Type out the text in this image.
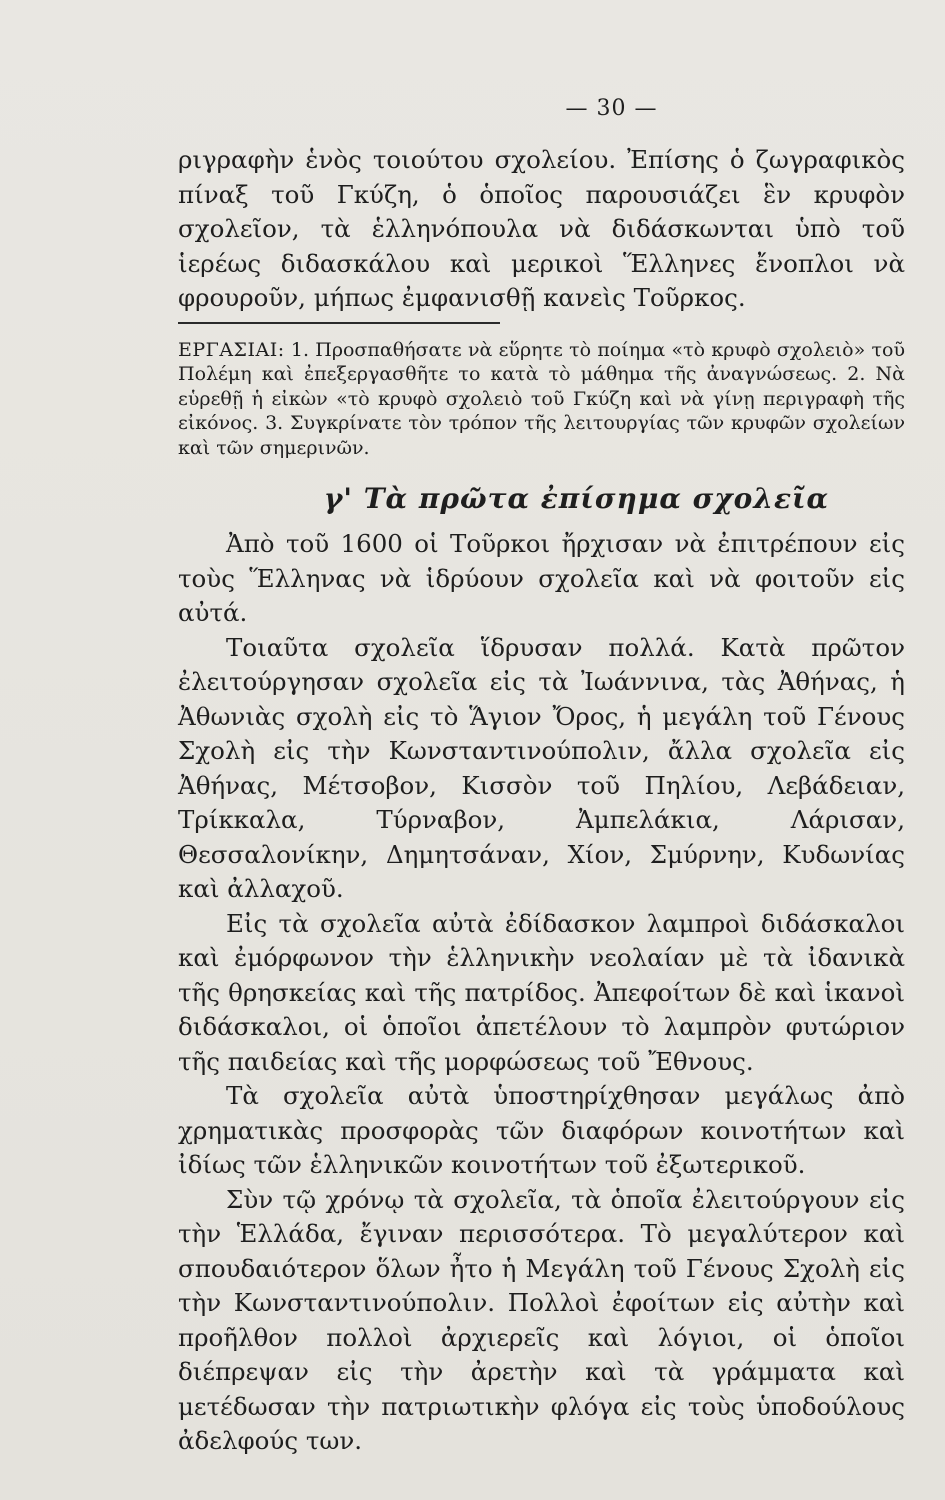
— 30 —

ριγραφὴν ἑνὸς τοιούτου σχολείου. Ἐπίσης ὁ ζωγραφικὸς πίναξ τοῦ Γκύζη, ὁ ὁποῖος παρουσιάζει ἓν κρυφὸν σχολεῖον, τὰ ἑλληνόπουλα νὰ διδάσκωνται ὑπὸ τοῦ ἱερέως διδασκάλου καὶ μερικοὶ Ἕλληνες ἔνοπλοι νὰ φρουροῦν, μήπως ἐμφανισθῇ κανεὶς Τοῦρκος.

ΕΡΓΑΣΙΑΙ: 1. Προσπαθήσατε νὰ εὕρητε τὸ ποίημα «τὸ κρυφὸ σχολειὸ» τοῦ Πολέμη καὶ ἐπεξεργασθῆτε το κατὰ τὸ μάθημα τῆς ἀναγνώσεως. 2. Νὰ εὑρεθῇ ἡ εἰκὼν «τὸ κρυφὸ σχολειὸ τοῦ Γκύζη καὶ νὰ γίνῃ περιγραφὴ τῆς εἰκόνος. 3. Συγκρίνατε τὸν τρόπον τῆς λειτουργίας τῶν κρυφῶν σχολείων καὶ τῶν σημερινῶν.

γ' Τὰ πρῶτα ἐπίσημα σχολεῖα

Ἀπὸ τοῦ 1600 οἱ Τοῦρκοι ἤρχισαν νὰ ἐπιτρέπουν εἰς τοὺς Ἕλληνας νὰ ἱδρύουν σχολεῖα καὶ νὰ φοιτοῦν εἰς αὐτά.

Τοιαῦτα σχολεῖα ἵδρυσαν πολλά. Κατὰ πρῶτον ἐλειτούργησαν σχολεῖα εἰς τὰ Ἰωάννινα, τὰς Ἀθήνας, ἡ Ἀθωνιὰς σχολὴ εἰς τὸ Ἅγιον Ὄρος, ἡ μεγάλη τοῦ Γένους Σχολὴ εἰς τὴν Κωνσταντινούπολιν, ἄλλα σχολεῖα εἰς Ἀθήνας, Μέτσοβον, Κισσὸν τοῦ Πηλίου, Λεβάδειαν, Τρίκκαλα, Τύρναβον, Ἀμπελάκια, Λάρισαν, Θεσσαλονίκην, Δημητσάναν, Χίον, Σμύρνην, Κυδωνίας καὶ ἀλλαχοῦ.

Εἰς τὰ σχολεῖα αὐτὰ ἐδίδασκον λαμπροὶ διδάσκαλοι καὶ ἐμόρφωνον τὴν ἑλληνικὴν νεολαίαν μὲ τὰ ἰδανικὰ τῆς θρησκείας καὶ τῆς πατρίδος. Ἀπεφοίτων δὲ καὶ ἱκανοὶ διδάσκαλοι, οἱ ὁποῖοι ἀπετέλουν τὸ λαμπρὸν φυτώριον τῆς παιδείας καὶ τῆς μορφώσεως τοῦ Ἔθνους.

Τὰ σχολεῖα αὐτὰ ὑποστηρίχθησαν μεγάλως ἀπὸ χρηματικὰς προσφορὰς τῶν διαφόρων κοινοτήτων καὶ ἰδίως τῶν ἑλληνικῶν κοινοτήτων τοῦ ἐξωτερικοῦ.

Σὺν τῷ χρόνῳ τὰ σχολεῖα, τὰ ὁποῖα ἐλειτούργουν εἰς τὴν Ἑλλάδα, ἔγιναν περισσότερα. Τὸ μεγαλύτερον καὶ σπουδαιότερον ὅλων ἦτο ἡ Μεγάλη τοῦ Γένους Σχολὴ εἰς τὴν Κωνσταντινούπολιν. Πολλοὶ ἐφοίτων εἰς αὐτὴν καὶ προῆλθον πολλοὶ ἀρχιερεῖς καὶ λόγιοι, οἱ ὁποῖοι διέπρεψαν εἰς τὴν ἀρετὴν καὶ τὰ γράμματα καὶ μετέδωσαν τὴν πατριωτικὴν φλόγα εἰς τοὺς ὑποδούλους ἀδελφούς των.
